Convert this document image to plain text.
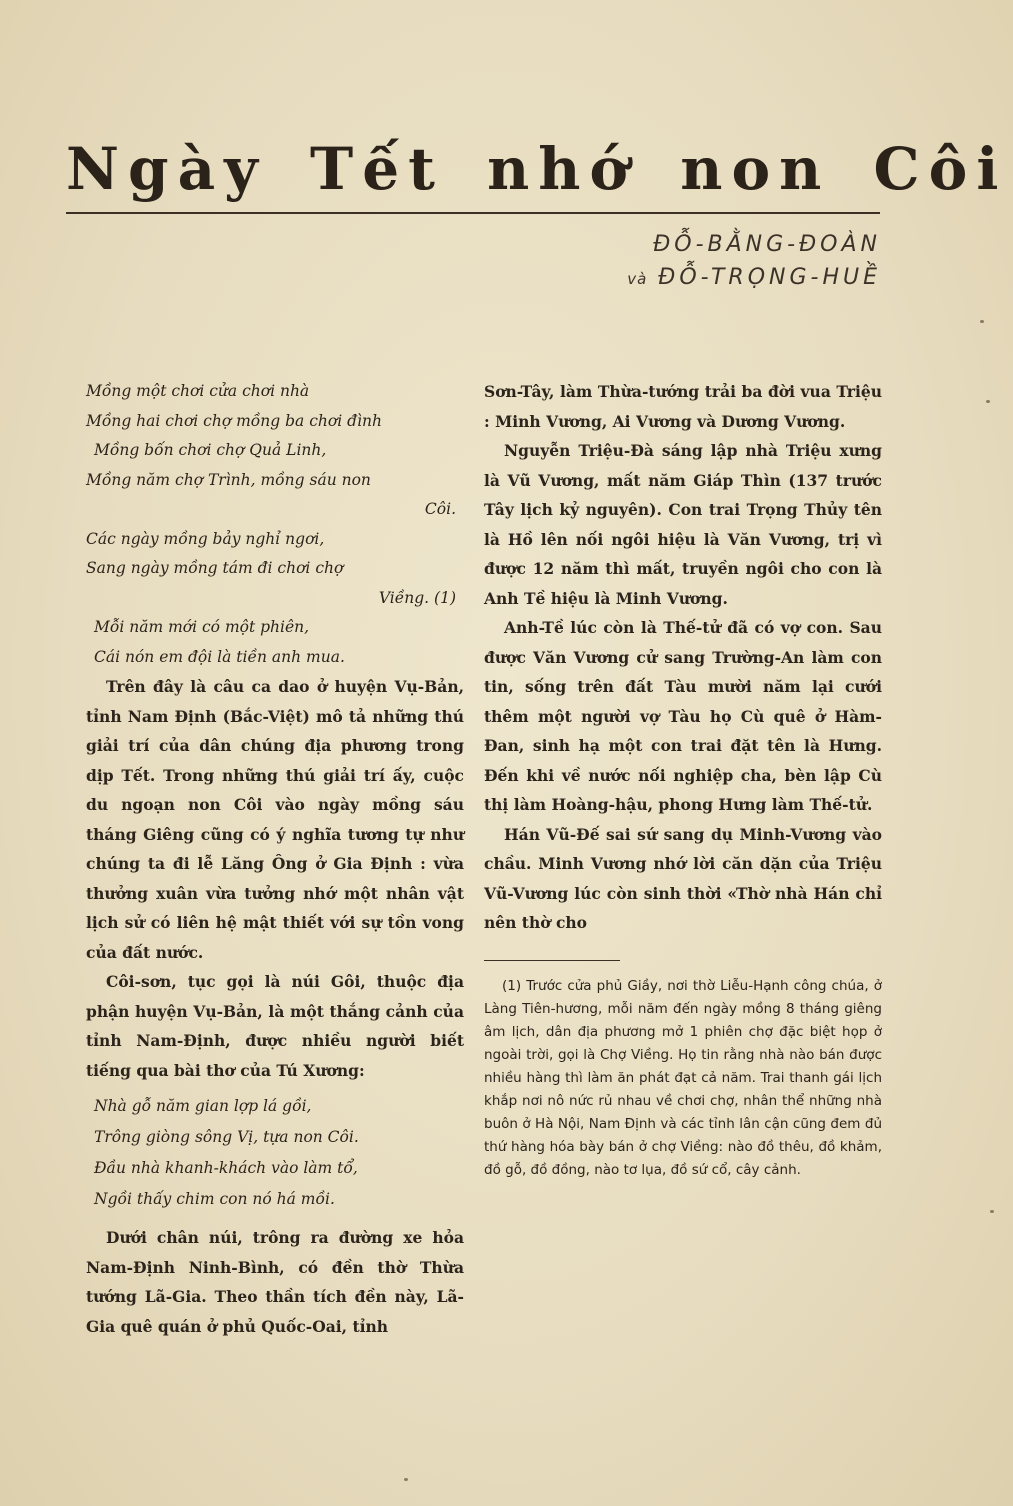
Ngày Tết nhớ non Côi
ĐỖ-BẰNG-ĐOÀN
và ĐỖ-TRỌNG-HUỀ
Mồng một chơi cửa chơi nhà
Mồng hai chơi chợ mồng ba chơi đình
Mồng bốn chơi chợ Quả Linh,
Mồng năm chợ Trình, mồng sáu non
Côi.
Các ngày mồng bảy nghỉ ngơi,
Sang ngày mồng tám đi chơi chợ
Viềng. (1)
Mỗi năm mới có một phiên,
Cái nón em đội là tiền anh mua.

Trên đây là câu ca dao ở huyện Vụ-Bản, tỉnh Nam Định (Bắc-Việt) mô tả những thú giải trí của dân chúng địa phương trong dịp Tết. Trong những thú giải trí ấy, cuộc du ngoạn non Côi vào ngày mồng sáu tháng Giêng cũng có ý nghĩa tương tự như chúng ta đi lễ Lăng Ông ở Gia Định : vừa thưởng xuân vừa tưởng nhớ một nhân vật lịch sử có liên hệ mật thiết với sự tồn vong của đất nước.

Côi-sơn, tục gọi là núi Gôi, thuộc địa phận huyện Vụ-Bản, là một thắng cảnh của tỉnh Nam-Định, được nhiều người biết tiếng qua bài thơ của Tú Xương:

Nhà gỗ năm gian lợp lá gồi,
Trông giòng sông Vị, tựa non Côi.
Đầu nhà khanh-khách vào làm tổ,
Ngồi thấy chim con nó há mồi.

Dưới chân núi, trông ra đường xe hỏa Nam-Định Ninh-Bình, có đền thờ Thừa tướng Lã-Gia. Theo thần tích đền này, Lã-Gia quê quán ở phủ Quốc-Oai, tỉnh

Sơn-Tây, làm Thừa-tướng trải ba đời vua Triệu : Minh Vương, Ai Vương và Dương Vương.

Nguyễn Triệu-Đà sáng lập nhà Triệu xưng là Vũ Vương, mất năm Giáp Thìn (137 trước Tây lịch kỷ nguyên). Con trai Trọng Thủy tên là Hồ lên nối ngôi hiệu là Văn Vương, trị vì được 12 năm thì mất, truyền ngôi cho con là Anh Tề hiệu là Minh Vương.

Anh-Tề lúc còn là Thế-tử đã có vợ con. Sau được Văn Vương cử sang Trường-An làm con tin, sống trên đất Tàu mười năm lại cưới thêm một người vợ Tàu họ Cù quê ở Hàm-Đan, sinh hạ một con trai đặt tên là Hưng. Đến khi về nước nối nghiệp cha, bèn lập Cù thị làm Hoàng-hậu, phong Hưng làm Thế-tử.

Hán Vũ-Đế sai sứ sang dụ Minh-Vương vào chầu. Minh Vương nhớ lời căn dặn của Triệu Vũ-Vương lúc còn sinh thời «Thờ nhà Hán chỉ nên thờ cho

(1) Trước cửa phủ Giầy, nơi thờ Liễu-Hạnh công chúa, ở Làng Tiên-hương, mỗi năm đến ngày mồng 8 tháng giêng âm lịch, dân địa phương mở 1 phiên chợ đặc biệt họp ở ngoài trời, gọi là Chợ Viềng. Họ tin rằng nhà nào bán được nhiều hàng thì làm ăn phát đạt cả năm. Trai thanh gái lịch khắp nơi nô nức rủ nhau về chơi chợ, nhân thể những nhà buôn ở Hà Nội, Nam Định và các tỉnh lân cận cũng đem đủ thứ hàng hóa bày bán ở chợ Viềng: nào đồ thêu, đồ khảm, đồ gỗ, đồ đồng, nào tơ lụa, đồ sứ cổ, cây cảnh.
